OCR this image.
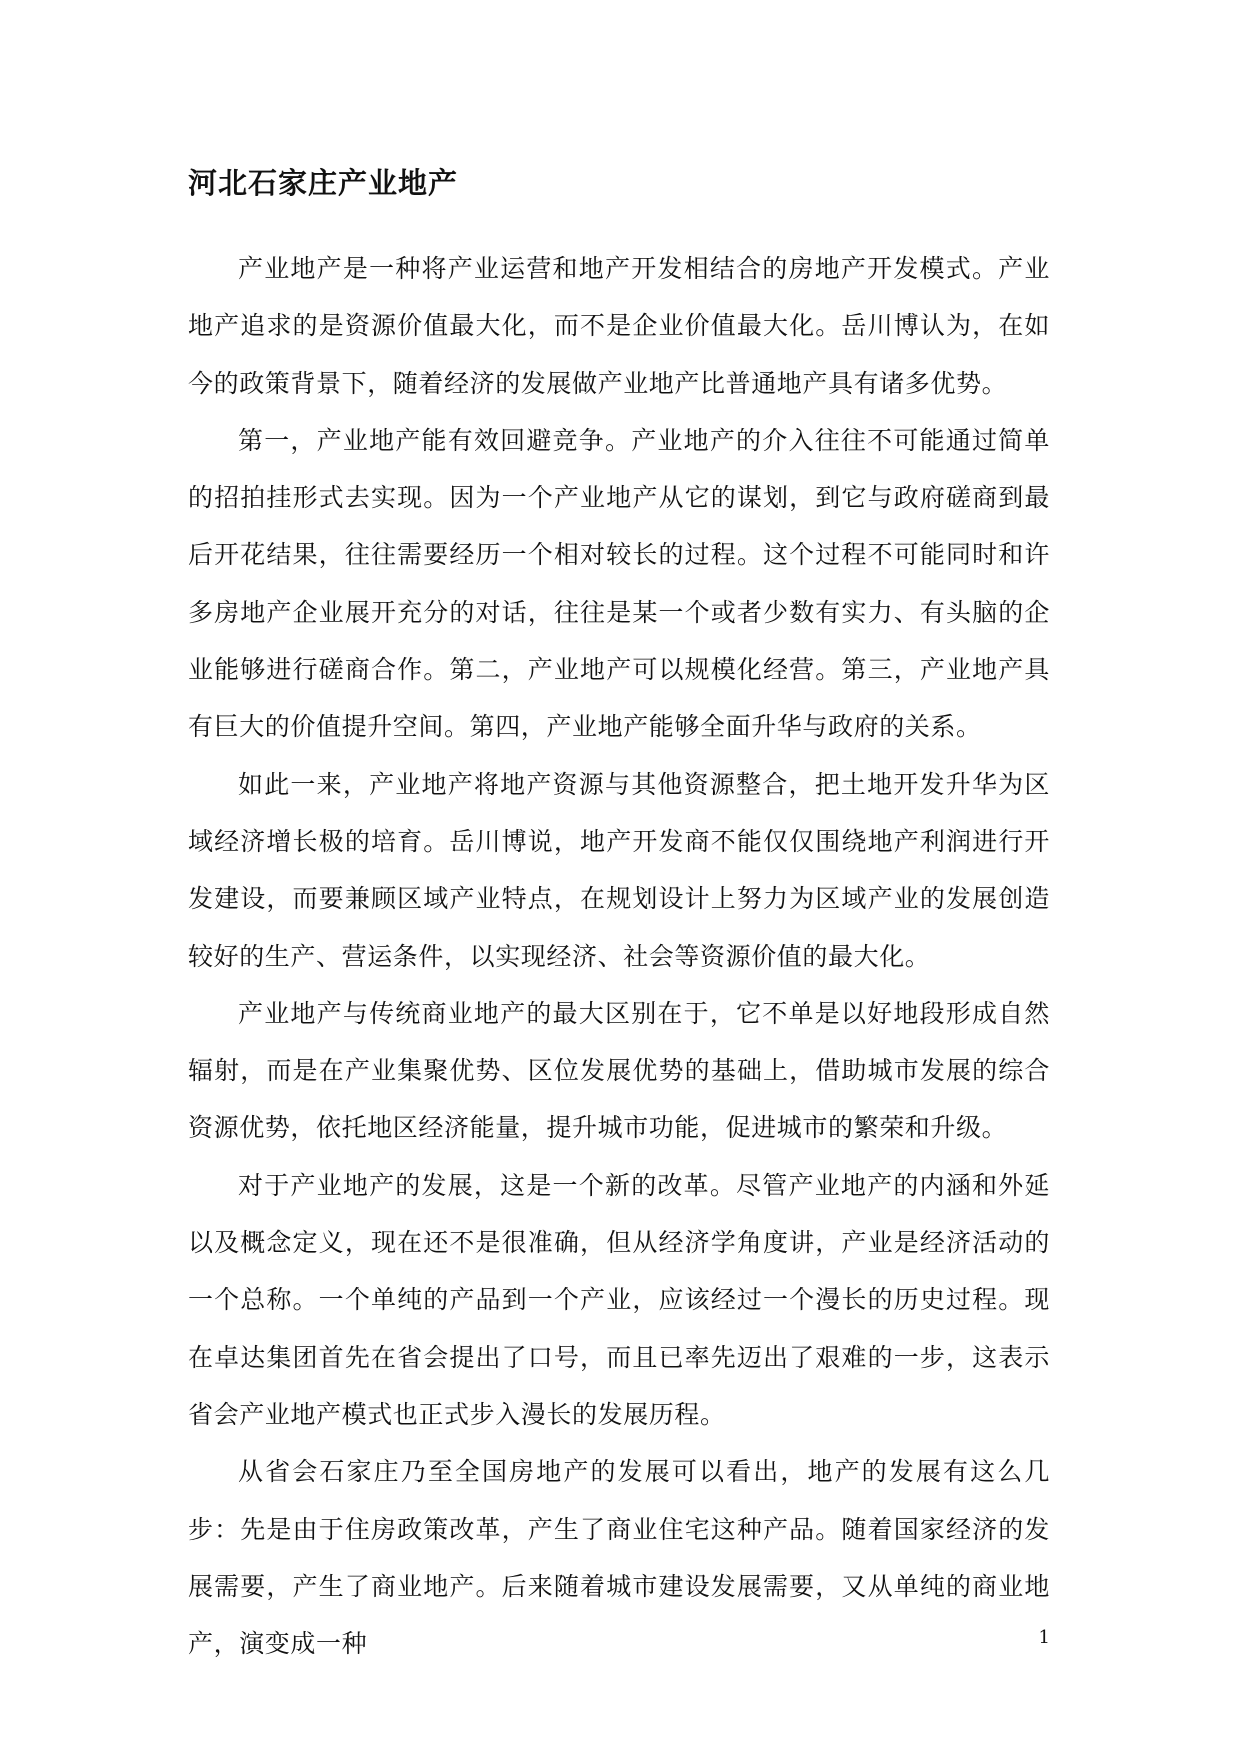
河北石家庄产业地产

产业地产是一种将产业运营和地产开发相结合的房地产开发模式。产业地产追求的是资源价值最大化，而不是企业价值最大化。岳川博认为，在如今的政策背景下，随着经济的发展做产业地产比普通地产具有诸多优势。

第一，产业地产能有效回避竞争。产业地产的介入往往不可能通过简单的招拍挂形式去实现。因为一个产业地产从它的谋划，到它与政府磋商到最后开花结果，往往需要经历一个相对较长的过程。这个过程不可能同时和许多房地产企业展开充分的对话，往往是某一个或者少数有实力、有头脑的企业能够进行磋商合作。第二，产业地产可以规模化经营。第三，产业地产具有巨大的价值提升空间。第四，产业地产能够全面升华与政府的关系。

如此一来，产业地产将地产资源与其他资源整合，把土地开发升华为区域经济增长极的培育。岳川博说，地产开发商不能仅仅围绕地产利润进行开发建设，而要兼顾区域产业特点，在规划设计上努力为区域产业的发展创造较好的生产、营运条件，以实现经济、社会等资源价值的最大化。

产业地产与传统商业地产的最大区别在于，它不单是以好地段形成自然辐射，而是在产业集聚优势、区位发展优势的基础上，借助城市发展的综合资源优势，依托地区经济能量，提升城市功能，促进城市的繁荣和升级。

对于产业地产的发展，这是一个新的改革。尽管产业地产的内涵和外延以及概念定义，现在还不是很准确，但从经济学角度讲，产业是经济活动的一个总称。一个单纯的产品到一个产业，应该经过一个漫长的历史过程。现在卓达集团首先在省会提出了口号，而且已率先迈出了艰难的一步，这表示省会产业地产模式也正式步入漫长的发展历程。

从省会石家庄乃至全国房地产的发展可以看出，地产的发展有这么几步：先是由于住房政策改革，产生了商业住宅这种产品。随着国家经济的发展需要，产生了商业地产。后来随着城市建设发展需要，又从单纯的商业地产，演变成一种	1
